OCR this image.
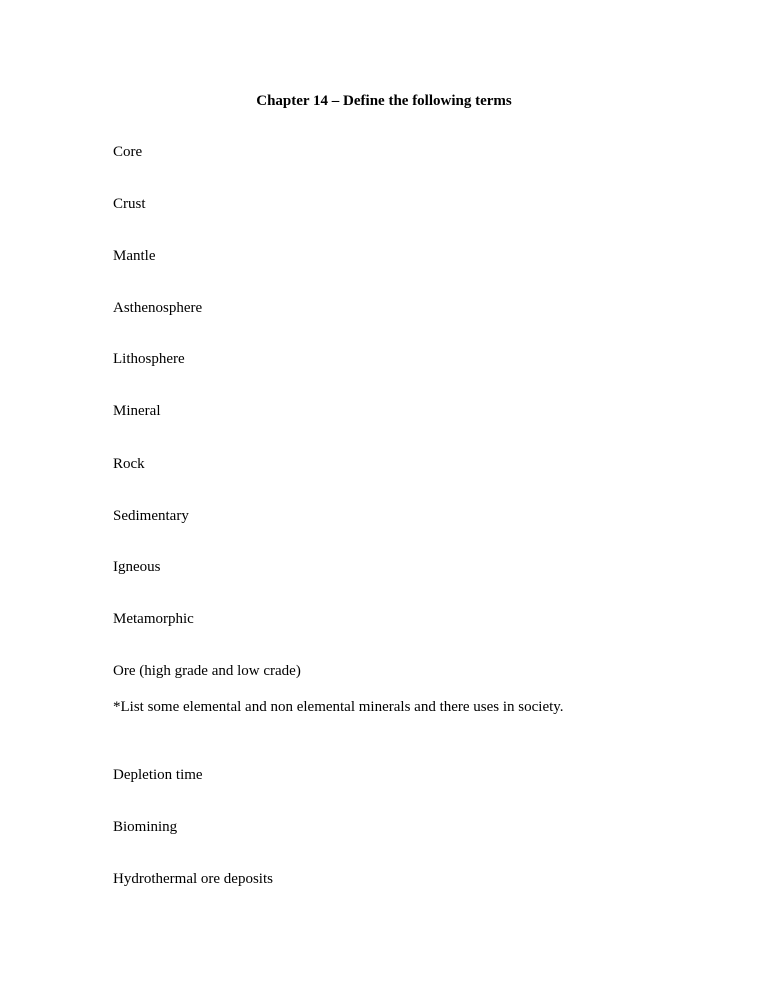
Chapter 14 – Define the following terms
Core
Crust
Mantle
Asthenosphere
Lithosphere
Mineral
Rock
Sedimentary
Igneous
Metamorphic
Ore (high grade and low crade)
*List some elemental and non elemental minerals and there uses in society.
Depletion time
Biomining
Hydrothermal ore deposits
